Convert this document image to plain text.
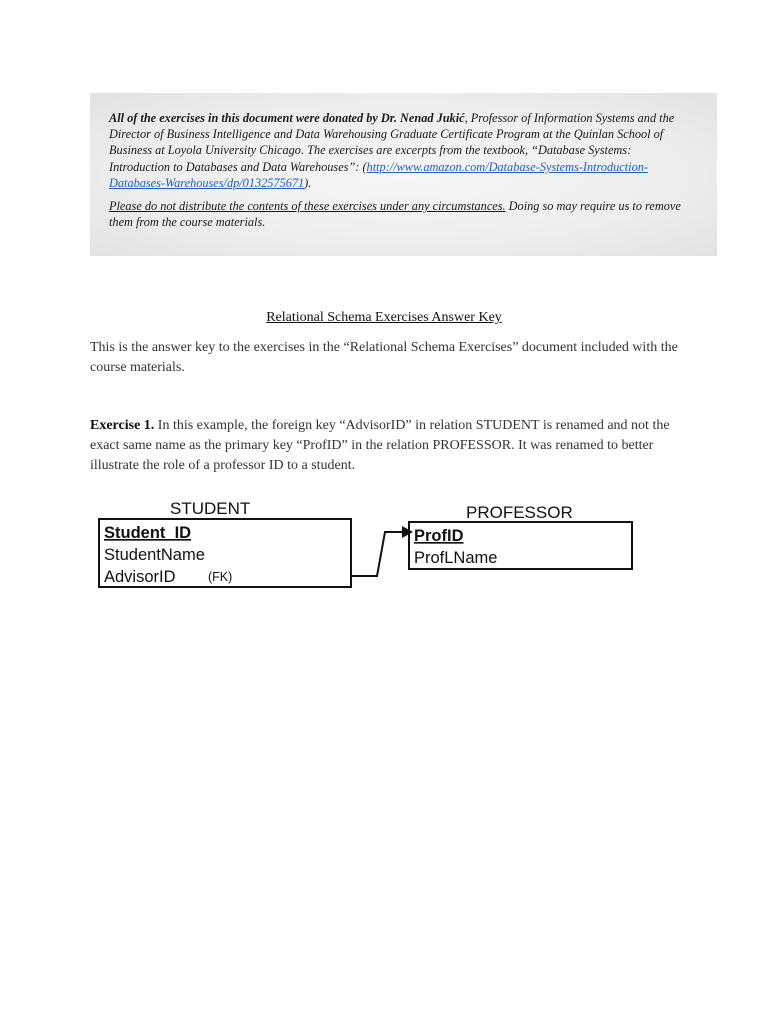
All of the exercises in this document were donated by Dr. Nenad Jukić, Professor of Information Systems and the Director of Business Intelligence and Data Warehousing Graduate Certificate Program at the Quinlan School of Business at Loyola University Chicago. The exercises are excerpts from the textbook, “Database Systems: Introduction to Databases and Data Warehouses”: (http://www.amazon.com/Database-Systems-Introduction-Databases-Warehouses/dp/0132575671).

Please do not distribute the contents of these exercises under any circumstances. Doing so may require us to remove them from the course materials.

Relational Schema Exercises Answer Key

This is the answer key to the exercises in the “Relational Schema Exercises” document included with the course materials.

Exercise 1. In this example, the foreign key “AdvisorID” in relation STUDENT is renamed and not the exact same name as the primary key “ProfID” in the relation PROFESSOR. It was renamed to better illustrate the role of a professor ID to a student.

STUDENT
Student_ID
StudentName
AdvisorID	(FK)
PROFESSOR
ProfID
ProfLName
